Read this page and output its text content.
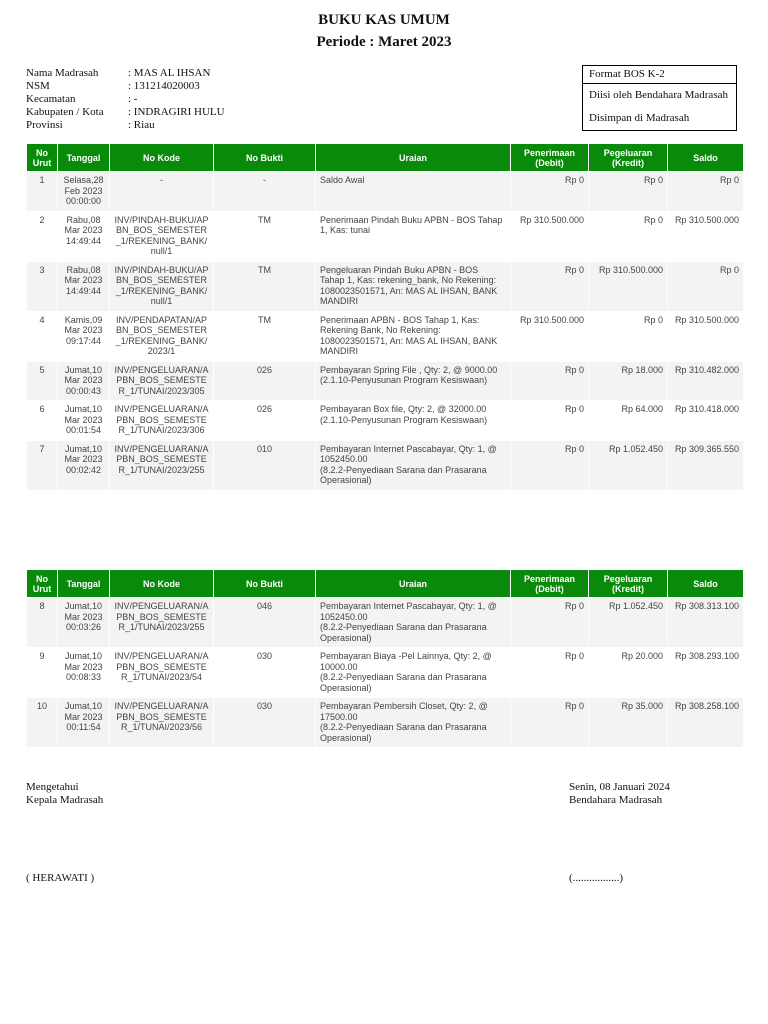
BUKU KAS UMUM
Periode : Maret 2023
Nama Madrasah	: MAS AL IHSAN
NSM	: 131214020003
Kecamatan	: -
Kabupaten / Kota	: INDRAGIRI HULU
Provinsi	: Riau
Format BOS K-2
Diisi oleh Bendahara Madrasah
Disimpan di Madrasah
No Urut	Tanggal	No Kode	No Bukti	Uraian	Penerimaan (Debit)	Pegeluaran (Kredit)	Saldo
1	Selasa,28
Feb 2023
00:00:00	-	-	Saldo Awal	Rp 0	Rp 0	Rp 0
2	Rabu,08
Mar 2023
14:49:44	INV/PINDAH-BUKU/AP
BN_BOS_SEMESTER
_1/REKENING_BANK/
null/1	TM	Penerimaan Pindah Buku APBN - BOS Tahap
1, Kas: tunai	Rp 310.500.000	Rp 0	Rp 310.500.000
3	Rabu,08
Mar 2023
14:49:44	INV/PINDAH-BUKU/AP
BN_BOS_SEMESTER
_1/REKENING_BANK/
null/1	TM	Pengeluaran Pindah Buku APBN - BOS
Tahap 1, Kas: rekening_bank, No Rekening:
1080023501571, An: MAS AL IHSAN, BANK
MANDIRI	Rp 0	Rp 310.500.000	Rp 0
4	Kamis,09
Mar 2023
09:17:44	INV/PENDAPATAN/AP
BN_BOS_SEMESTER
_1/REKENING_BANK/
2023/1	TM	Penerimaan APBN - BOS Tahap 1, Kas:
Rekening Bank, No Rekening:
1080023501571, An: MAS AL IHSAN, BANK
MANDIRI	Rp 310.500.000	Rp 0	Rp 310.500.000
5	Jumat,10
Mar 2023
00:00:43	INV/PENGELUARAN/A
PBN_BOS_SEMESTE
R_1/TUNAI/2023/305	026	Pembayaran Spring File , Qty: 2, @ 9000.00
(2.1.10-Penyusunan Program Kesiswaan)	Rp 0	Rp 18.000	Rp 310.482.000
6	Jumat,10
Mar 2023
00:01:54	INV/PENGELUARAN/A
PBN_BOS_SEMESTE
R_1/TUNAI/2023/306	026	Pembayaran Box file, Qty: 2, @ 32000.00
(2.1.10-Penyusunan Program Kesiswaan)	Rp 0	Rp 64.000	Rp 310.418.000
7	Jumat,10
Mar 2023
00:02:42	INV/PENGELUARAN/A
PBN_BOS_SEMESTE
R_1/TUNAI/2023/255	010	Pembayaran Internet Pascabayar, Qty: 1, @
1052450.00
(8.2.2-Penyediaan Sarana dan Prasarana
Operasional)	Rp 0	Rp 1.052.450	Rp 309.365.550
No Urut	Tanggal	No Kode	No Bukti	Uraian	Penerimaan (Debit)	Pegeluaran (Kredit)	Saldo
8	Jumat,10
Mar 2023
00:03:26	INV/PENGELUARAN/A
PBN_BOS_SEMESTE
R_1/TUNAI/2023/255	046	Pembayaran Internet Pascabayar, Qty: 1, @
1052450.00
(8.2.2-Penyediaan Sarana dan Prasarana
Operasional)	Rp 0	Rp 1.052.450	Rp 308.313.100
9	Jumat,10
Mar 2023
00:08:33	INV/PENGELUARAN/A
PBN_BOS_SEMESTE
R_1/TUNAI/2023/54	030	Pembayaran Biaya -Pel Lainnya, Qty: 2, @
10000.00
(8.2.2-Penyediaan Sarana dan Prasarana
Operasional)	Rp 0	Rp 20.000	Rp 308.293.100
10	Jumat,10
Mar 2023
00:11:54	INV/PENGELUARAN/A
PBN_BOS_SEMESTE
R_1/TUNAI/2023/56	030	Pembayaran Pembersih Closet, Qty: 2, @
17500.00
(8.2.2-Penyediaan Sarana dan Prasarana
Operasional)	Rp 0	Rp 35.000	Rp 308.258.100
Mengetahui
Kepala Madrasah
( HERAWATI )
Senin, 08 Januari 2024
Bendahara Madrasah
(.................)
